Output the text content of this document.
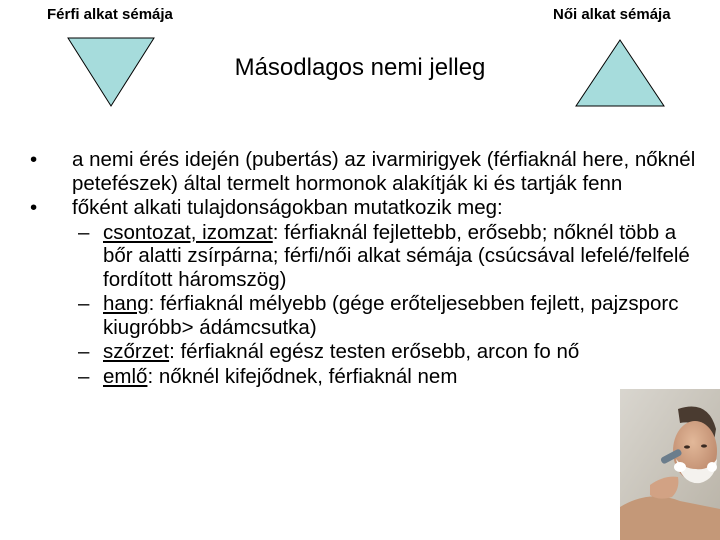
Férfi alkat sémája	Női alkat sémája
Másodlagos nemi jelleg
• a nemi érés idején (pubertás) az ivarmirigyek (férfiaknál here, nőknél petefészek) által termelt hormonok alakítják ki és tartják fenn
• főként alkati tulajdonságokban mutatkozik meg:
– csontozat, izomzat: férfiaknál fejlettebb, erősebb; nőknél több a bőr alatti zsírpárna; férfi/női alkat sémája (csúcsával lefelé/felfelé fordított háromszög)
– hang: férfiaknál mélyebb (gége erőteljesebben fejlett, pajzsporc kiugróbb> ádámcsutka)
– szőrzet: férfiaknál egész testen erősebb, arcon fo nő
– emlő: nőknél kifejődnek, férfiaknál nem
